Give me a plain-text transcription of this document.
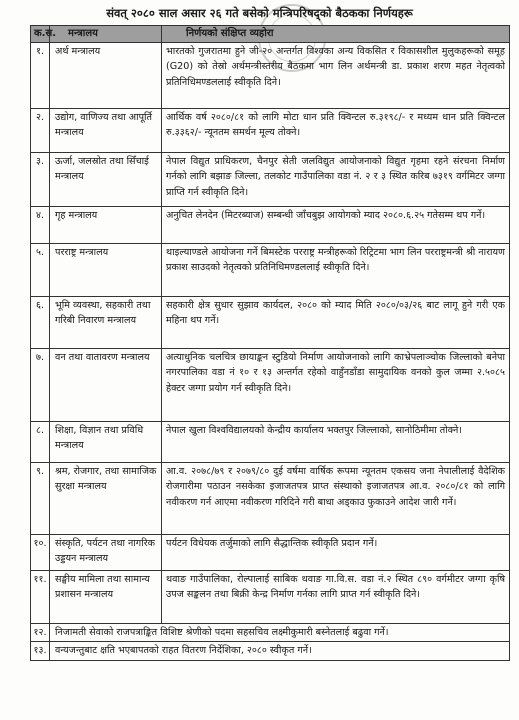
संवत् २०८० साल असार २६ गते बसेको मन्त्रिपरिषद्को बैठकका निर्णयहरू
क.स.	मन्त्रालय	निर्णयको संक्षिप्त व्यहोरा
१.	अर्थ मन्त्रालय	भारतको गुजरातमा हुने जी-२० अन्तर्गत विश्वका अन्य विकसित र विकासशील मुलुकहरूको समूह (G20) को तेस्रो अर्थमन्त्रीस्तरीय बैठकमा भाग लिन अर्थमन्त्री डा. प्रकाश शरण महत नेतृत्वको प्रतिनिधिमण्डललाई स्वीकृति दिने।
२.	उद्योग, वाणिज्य तथा आपूर्ति मन्त्रालय	आर्थिक वर्ष २०८०/८१ को लागि मोटा धान प्रति क्विन्टल रु.३१९८/- र मध्यम धान प्रति क्विन्टल रु.३३६२/- न्यूनतम समर्थन मूल्य तोक्ने।
३.	ऊर्जा, जलस्रोत तथा सिँचाई मन्त्रालय	नेपाल विद्युत प्राधिकरण, चैनपुर सेती जलविद्युत आयोजनाको विद्युत गृहमा रहने संरचना निर्माण गर्नको लागि बझाङ जिल्ला, तलकोट गाउँपालिका वडा नं. २ र ३ स्थित करिब ७३१९ वर्गमिटर जग्गा प्राप्ति गर्न स्वीकृति दिने।
४.	गृह मन्त्रालय	अनुचित लेनदेन (मिटरब्याज) सम्बन्धी जाँचबुझ आयोगको म्याद २०८०.६.२५ गतेसम्म थप गर्ने।
५.	परराष्ट्र मन्त्रालय	थाइल्याण्डले आयोजना गर्ने बिमस्टेक परराष्ट्र मन्त्रीहरूको रिट्रिटमा भाग लिन परराष्ट्रमन्त्री श्री नारायण प्रकाश साउदको नेतृत्वको प्रतिनिधिमण्डललाई स्वीकृति दिने।
६.	भूमि व्यवस्था, सहकारी तथा गरिबी निवारण मन्त्रालय	सहकारी क्षेत्र सुधार सुझाव कार्यदल, २०८० को म्याद मिति २०८०/०३/२६ बाट लागू हुने गरी एक महिना थप गर्ने।
७.	वन तथा वातावरण मन्त्रालय	अत्याधुनिक चलचित्र छायाङ्कन स्टुडियो निर्माण आयोजनाको लागि काभ्रेपलाञ्चोक जिल्लाको बनेपा नगरपालिका वडा नं १० र १३ अन्तर्गत रहेको वाहुँनडाँडा सामुदायिक वनको कुल जम्मा २.५०८५ हेक्टर जग्गा प्रयोग गर्न स्वीकृति दिने।
८.	शिक्षा, विज्ञान तथा प्रविधि मन्त्रालय	नेपाल खुला विश्वविद्यालयको केन्द्रीय कार्यालय भक्तपुर जिल्लाको, सानोठिमीमा तोक्ने।
९.	श्रम, रोजगार, तथा सामाजिक सुरक्षा मन्त्रालय	आ.व. २०७८/७९ र २०७९/८० दुई वर्षमा वार्षिक रूपमा न्यूनतम एकसय जना नेपालीलाई वैदेशिक रोजगारीमा पठाउन नसकेका इजाजतपत्र प्राप्त संस्थाको इजाजतपत्र आ.व. २०८०/८१ को लागि नवीकरण गर्न आएमा नवीकरण गरिदिने गरी बाधा अड्काउ फुकाउने आदेश जारी गर्ने।
१०.	संस्कृति, पर्यटन तथा नागरिक उड्डयन मन्त्रालय	पर्यटन विधेयक तर्जुमाको लागि सैद्धान्तिक स्वीकृति प्रदान गर्ने।
११.	सङ्घीय मामिला तथा सामान्य प्रशासन मन्त्रालय	थवाङ गाउँपालिका, रोल्पालाई साबिक थवाङ गा.वि.स. वडा नं.२ स्थित ८९० वर्गमीटर जग्गा कृषि उपज सङ्कलन तथा बिक्री केन्द्र निर्माण गर्नका लागि प्राप्त गर्न स्वीकृति दिने।
१२.	निजामती सेवाको राजपत्राङ्कित विशिष्ट श्रेणीको पदमा सहसचिव लक्ष्मीकुमारी बस्नेतलाई बढुवा गर्ने।	
१३.	वन्यजन्तुबाट क्षति भएबापतको राहत वितरण निर्देशिका, २०८० स्वीकृत गर्ने।	
